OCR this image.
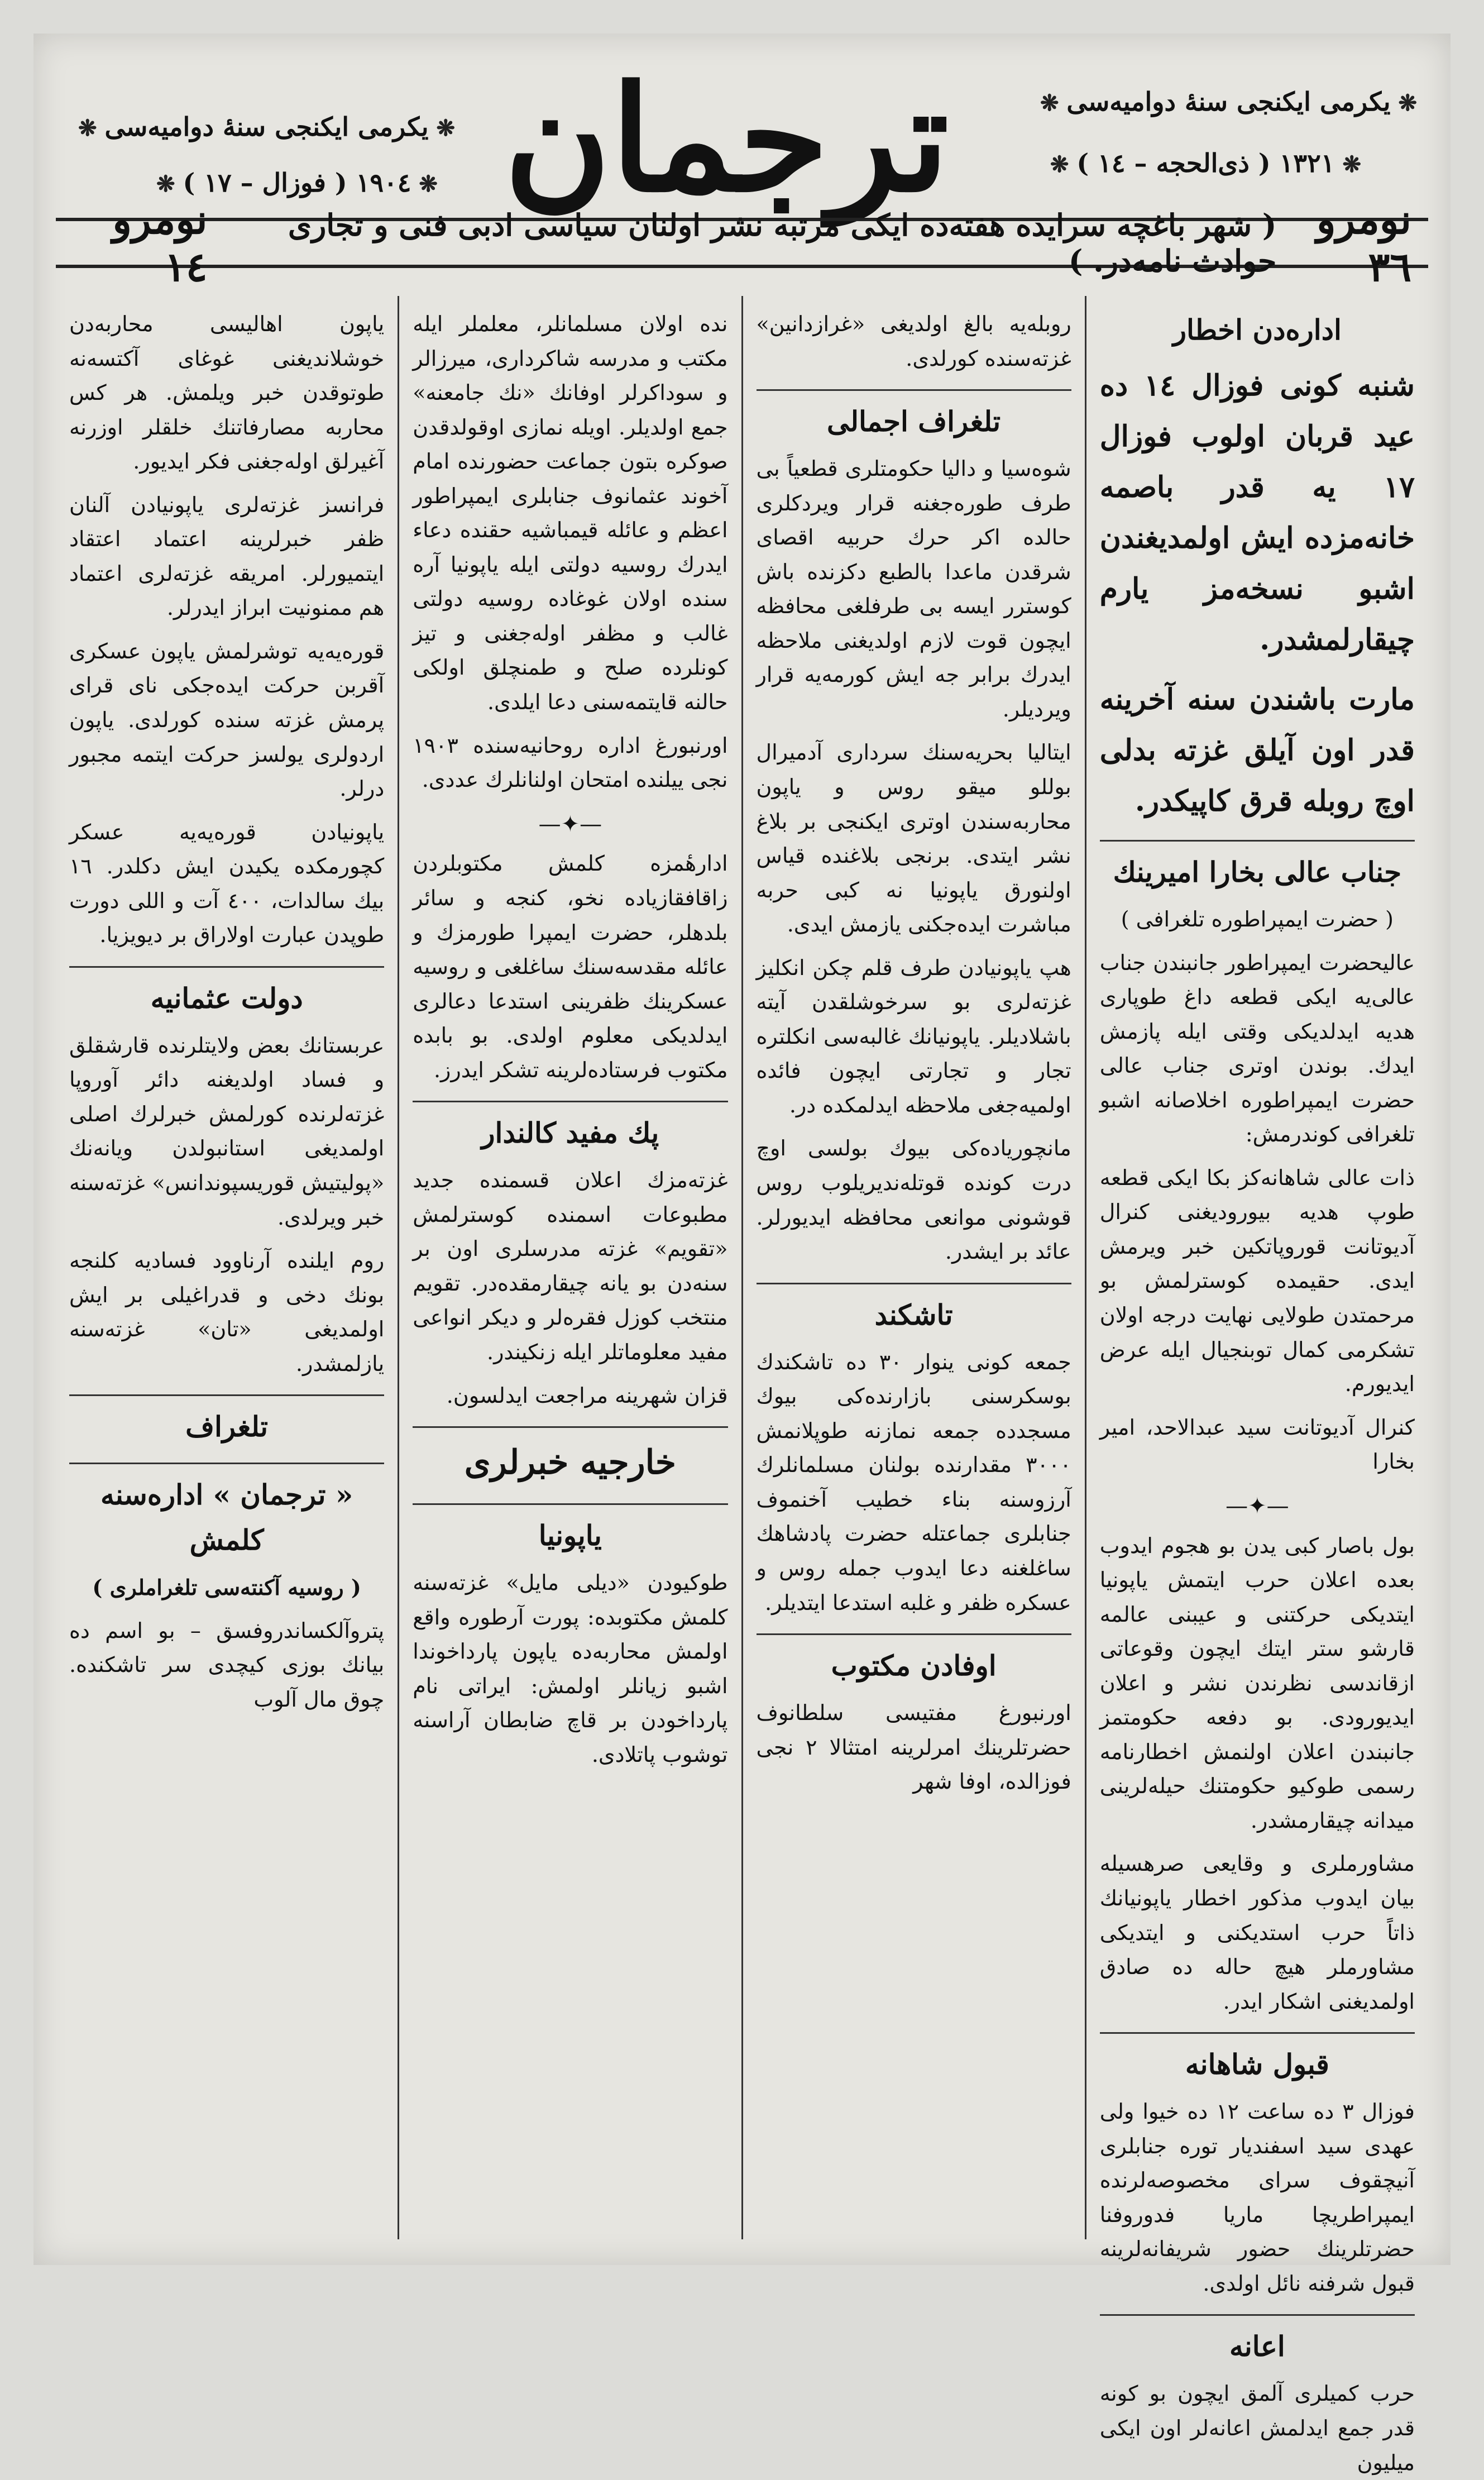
❋ يكرمى ايكنجى سنهٔ دوامیه‌سی ❋
❋ ١٣٢١ ( ذى‌الحجه – ١٤ ) ❋
ترجمان
❋ يكرمى ايكنجى سنهٔ دوامیه‌سی ❋
❋ ١٩٠٤ ( فوزال – ١٧ ) ❋
نومرو ٣٦
( شهر باغچه سرایده هفته‌ده ايكى مرتبه نشر اولنان سياسى ادبى فنى و تجارى حوادث نامه‌در. )
نومرو ١٤
اداره‌دن اخطار

شنبه كونى فوزال ١٤ ده عيد قربان اولوب فوزال ١٧ يه قدر باصمه خانه‌مزده ايش اولمديغندن اشبو نسخه‌مز يارم چيقارلمشدر.

مارت باشندن سنه آخرينه قدر اون آيلق غزته بدلى اوچ روبله قرق كاپيكدر.

جناب عالى بخارا اميرينك

( حضرت ايمپراطوره تلغرافى )

عاليحضرت ايمپراطور جانبندن جناب عالى‌يه ايكى قطعه داغ طوپارى هديه ايدلديكى وقتى ايله پازمش ايدك. بوندن اوترى جناب عالى حضرت ايمپراطوره اخلاصانه اشبو تلغرافى كوندرمش:

ذات عالى شاهانه‌كز بكا ايكى قطعه طوپ هديه بيوروديغنى كنرال آدیوتانت قوروپاتكين خبر ويرمش ايدى. حقيمده كوسترلمش بو مرحمتدن طولايى نهايت درجه اولان تشكرمى كمال توبنجيال ايله عرض ايديورم.

كنرال آدیوتانت سيد عبدالاحد، امير بخارا

—✦—

بول باصار كبى يدن بو هجوم ايدوب بعده اعلان حرب ايتمش ياپونيا ايتديكى حركتنى و عيبنى عالمه قارشو ستر ايتك ايچون وقوعاتى ازقاندسى نظرندن نشر و اعلان ايديورودى. بو دفعه حكومتمز جانبندن اعلان اولنمش اخطارنامه رسمى طوكيو حكومتنك حيله‌لرينى ميدانه چيقارمشدر.

مشاورملرى و وقايعى صرهسيله بيان ايدوب مذكور اخطار ياپونيانك ذاتاً حرب استديكنى و ايتديكى مشاورملر هيچ حاله ده صادق اولمديغنى اشكار ايدر.

قبول شاهانه

فوزال ٣ ده ساعت ١٢ ده خيوا ولى عهدى سيد اسفنديار تورە جنابلرى آنيچقوف سراى مخصوصه‌لرنده ايمپراطريچا ماريا فدوروفنا حضرتلرينك حضور شريفانه‌لرينه قبول شرفنه نائل اولدى.

اعانه

حرب كميلرى آلمق ايچون بو كونه قدر جمع ايدلمش اعانه‌لر اون ايكى ميليون

روبله‌يه بالغ اولديغى «غرازدانين» غزته‌سنده كورلدى.

تلغراف اجمالى

شوه‌سيا و داليا حكومتلرى قطعياً بى طرف طوره‌جغنه قرار ويردكلرى حالده اكر حرك حربيه اقصاى شرقدن ماعدا بالطبع دكزنده باش كوسترر ايسه بى طرفلغى محافظه ايچون قوت لازم اولديغنى ملاحظه ايدرك برابر جه ايش كورمه‌يه قرار ويرديلر.

ايتاليا بحريه‌سنك سردارى آدميرال بوللو ميقو روس و ياپون محاربه‌سندن اوترى ايكنجى بر بلاغ نشر ايتدى. برنجى بلاغنده قياس اولنورق ياپونيا نه كبى حربه مباشرت ايده‌جكنى يازمش ايدى.

هپ ياپونيادن طرف قلم چكن انكليز غزته‌لرى بو سرخوشلقدن آيته باشلاديلر. ياپونيانك غالبه‌سى انكلتره تجار و تجارتى ايچون فائده اولميه‌جغى ملاحظه ايدلمكده در.

مانچورياده‌كى بيوك بولسى اوچ درت كونده قوتله‌نديريلوب روس قوشونى موانعى محافظه ايديورلر. عائد بر ايشدر.

تاشكند

جمعه كونى ينوار ٣٠ ده تاشكندك بوسكرسنى بازارنده‌كى بيوك مسجدده جمعه نمازنه طوپلانمش ٣٠٠٠ مقدارنده بولنان مسلمانلرك آرزوسنه بناء خطيب آخنموف جنابلرى جماعتله حضرت پادشاهك ساغلغنه دعا ايدوب جمله روس و عسكره ظفر و غلبه استدعا ايتديلر.

اوفادن مكتوب

اورنبورغ مفتيسى سلطانوف حضرتلرينك امرلرينه امتثالا ٢ نجى فوزالده، اوفا شهر

نده اولان مسلمانلر، معلملر ايله مكتب و مدرسه شاكردارى، ميرزالر و سوداكرلر اوفانك «نك جامعنه» جمع اولديلر. اويله نمازى اوقولدقدن صوكره بتون جماعت حضورنده امام آخوند عثمانوف جنابلرى ايمپراطور اعظم و عائله قيمباشيه حقنده دعاء ايدرك روسيه دولتى ايله ياپونيا آره سنده اولان غوغاده روسيه دولتى غالب و مظفر اوله‌جغنى و تيز كونلرده صلح و طمنچلق اولكى حالنه قايتمه‌سنى دعا ايلدى.

اورنبورغ اداره روحانيه‌سنده ١٩٠٣ نجى ييلنده امتحان اولنانلرك عددى.

—✦—

ادارهٔمزه كلمش مكتوبلردن زاقافقازياده نخو، كنجه و سائر بلدهلر، حضرت ايمپرا طورمزك و عائله مقدسه‌سنك ساغلغى و روسيه عسكرينك ظفرينى استدعا دعالرى ايدلديكى معلوم اولدى. بو بابده مكتوب فرستاده‌لرينه تشكر ايدرز.

پك مفيد كالندار

غزته‌مزك اعلان قسمنده جديد مطبوعات اسمنده كوسترلمش «تقويم» غزته مدرسلرى اون بر سنه‌دن بو يانه چيقارمقده‌در. تقويم منتخب كوزل فقره‌لر و ديكر انواعى مفيد معلوماتلر ايله زنكيندر.

قزان شهرينه مراجعت ايدلسون.

خارجيه خبرلرى
ياپونيا

طوكيودن «ديلى مايل» غزته‌سنه كلمش مكتوبده: پورت آرطوره واقع اولمش محاربه‌ده ياپون پارداخوندا اشبو زيانلر اولمش: ايراتى نام پارداخودن بر قاچ ضابطان آراسنه توشوب پاتلادى.

ياپون اهاليسى محاربه‌دن خوشلانديغنى غوغاى آكتسه‌نه طوتوقدن خبر ويلمش. هر كس محاربه مصارفاتنك خلقلر اوزرنه آغيرلق اوله‌جغنى فكر ايديور.

فرانسز غزته‌لرى ياپونيادن آلنان ظفر خبرلرينه اعتماد اعتقاد ايتميورلر. امريقه غزته‌لرى اعتماد هم ممنونيت ابراز ايدرلر.

قوره‌يه‌يه توشرلمش ياپون عسكرى آقربن حركت ايده‌جكى ناى قراى پرمش غزته سنده كورلدى. ياپون اردولرى يولسز حركت ايتمه مجبور درلر.

ياپونيادن قوره‌يه‌يه عسكر كچورمكده يكيدن ايش دكلدر. ١٦ بيك سالدات، ٤٠٠ آت و اللى دورت طوپدن عبارت اولاراق بر ديويزيا.

دولت عثمانيه

عربستانك بعض ولايتلرنده قارشقلق و فساد اولديغنه دائر آوروپا غزته‌لرنده كورلمش خبرلرك اصلى اولمديغى استانبولدن ويانه‌نك «پوليتيش قوريسپوندانس» غزته‌سنه خبر ويرلدى.

روم ايلنده آرناوود فساديه كلنجه بونك دخى و قدراغيلى بر ايش اولمديغى «تان» غزته‌سنه يازلمشدر.

تلغراف
« ترجمان » اداره‌سنه كلمش

( روسيه آكنته‌سى تلغراملرى )

پتروآلكساندروفسق – بو اسم ده بيانك بوزى كيچدى سر تاشكنده. چوق مال آلوب
